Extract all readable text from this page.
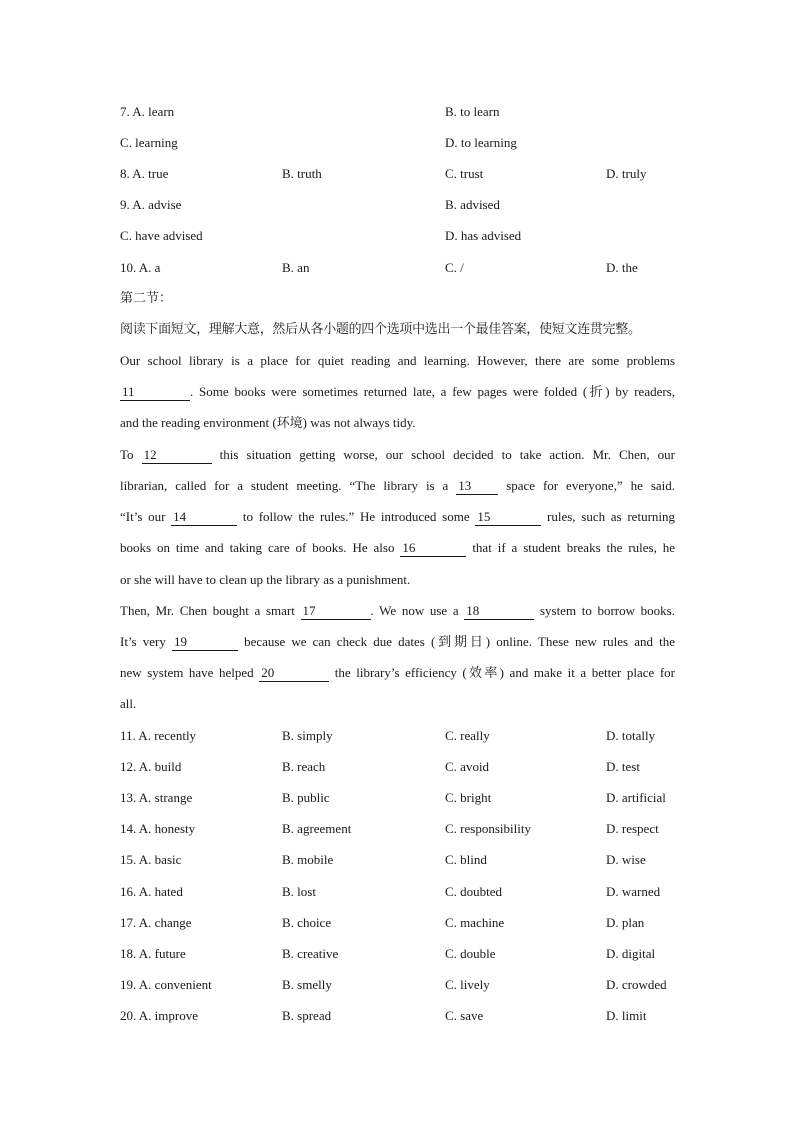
7. A. learn	B. to learn
C. learning	D. to learning
8. A. true	B. truth	C. trust	D. truly
9. A. advise	B. advised
C. have advised	D. has advised
10. A. a	B. an	C. /	D. the
第二节：
阅读下面短文，理解大意，然后从各小题的四个选项中选出一个最佳答案，使短文连贯完整。
Our school library is a place for quiet reading and learning. However, there are some problems
11	. Some books were sometimes returned late, a few pages were folded (折) by readers,
and the reading environment (环境) was not always tidy.
To 12	this situation getting worse, our school decided to take action. Mr. Chen, our
librarian, called for a student meeting. “The library is a 13	space for everyone,” he said.
“It’s our 14	to follow the rules.” He introduced some 15	rules, such as returning
books on time and taking care of books. He also 16	that if a student breaks the rules, he
or she will have to clean up the library as a punishment.
Then, Mr. Chen bought a smart 17	. We now use a 18	system to borrow books.
It’s very 19	because we can check due dates (到期日) online. These new rules and the
new system have helped 20	the library’s efficiency (效率) and make it a better place for
all.
11. A. recently	B. simply	C. really	D. totally
12. A. build	B. reach	C. avoid	D. test
13. A. strange	B. public	C. bright	D. artificial
14. A. honesty	B. agreement	C. responsibility	D. respect
15. A. basic	B. mobile	C. blind	D. wise
16. A. hated	B. lost	C. doubted	D. warned
17. A. change	B. choice	C. machine	D. plan
18. A. future	B. creative	C. double	D. digital
19. A. convenient	B. smelly	C. lively	D. crowded
20. A. improve	B. spread	C. save	D. limit
